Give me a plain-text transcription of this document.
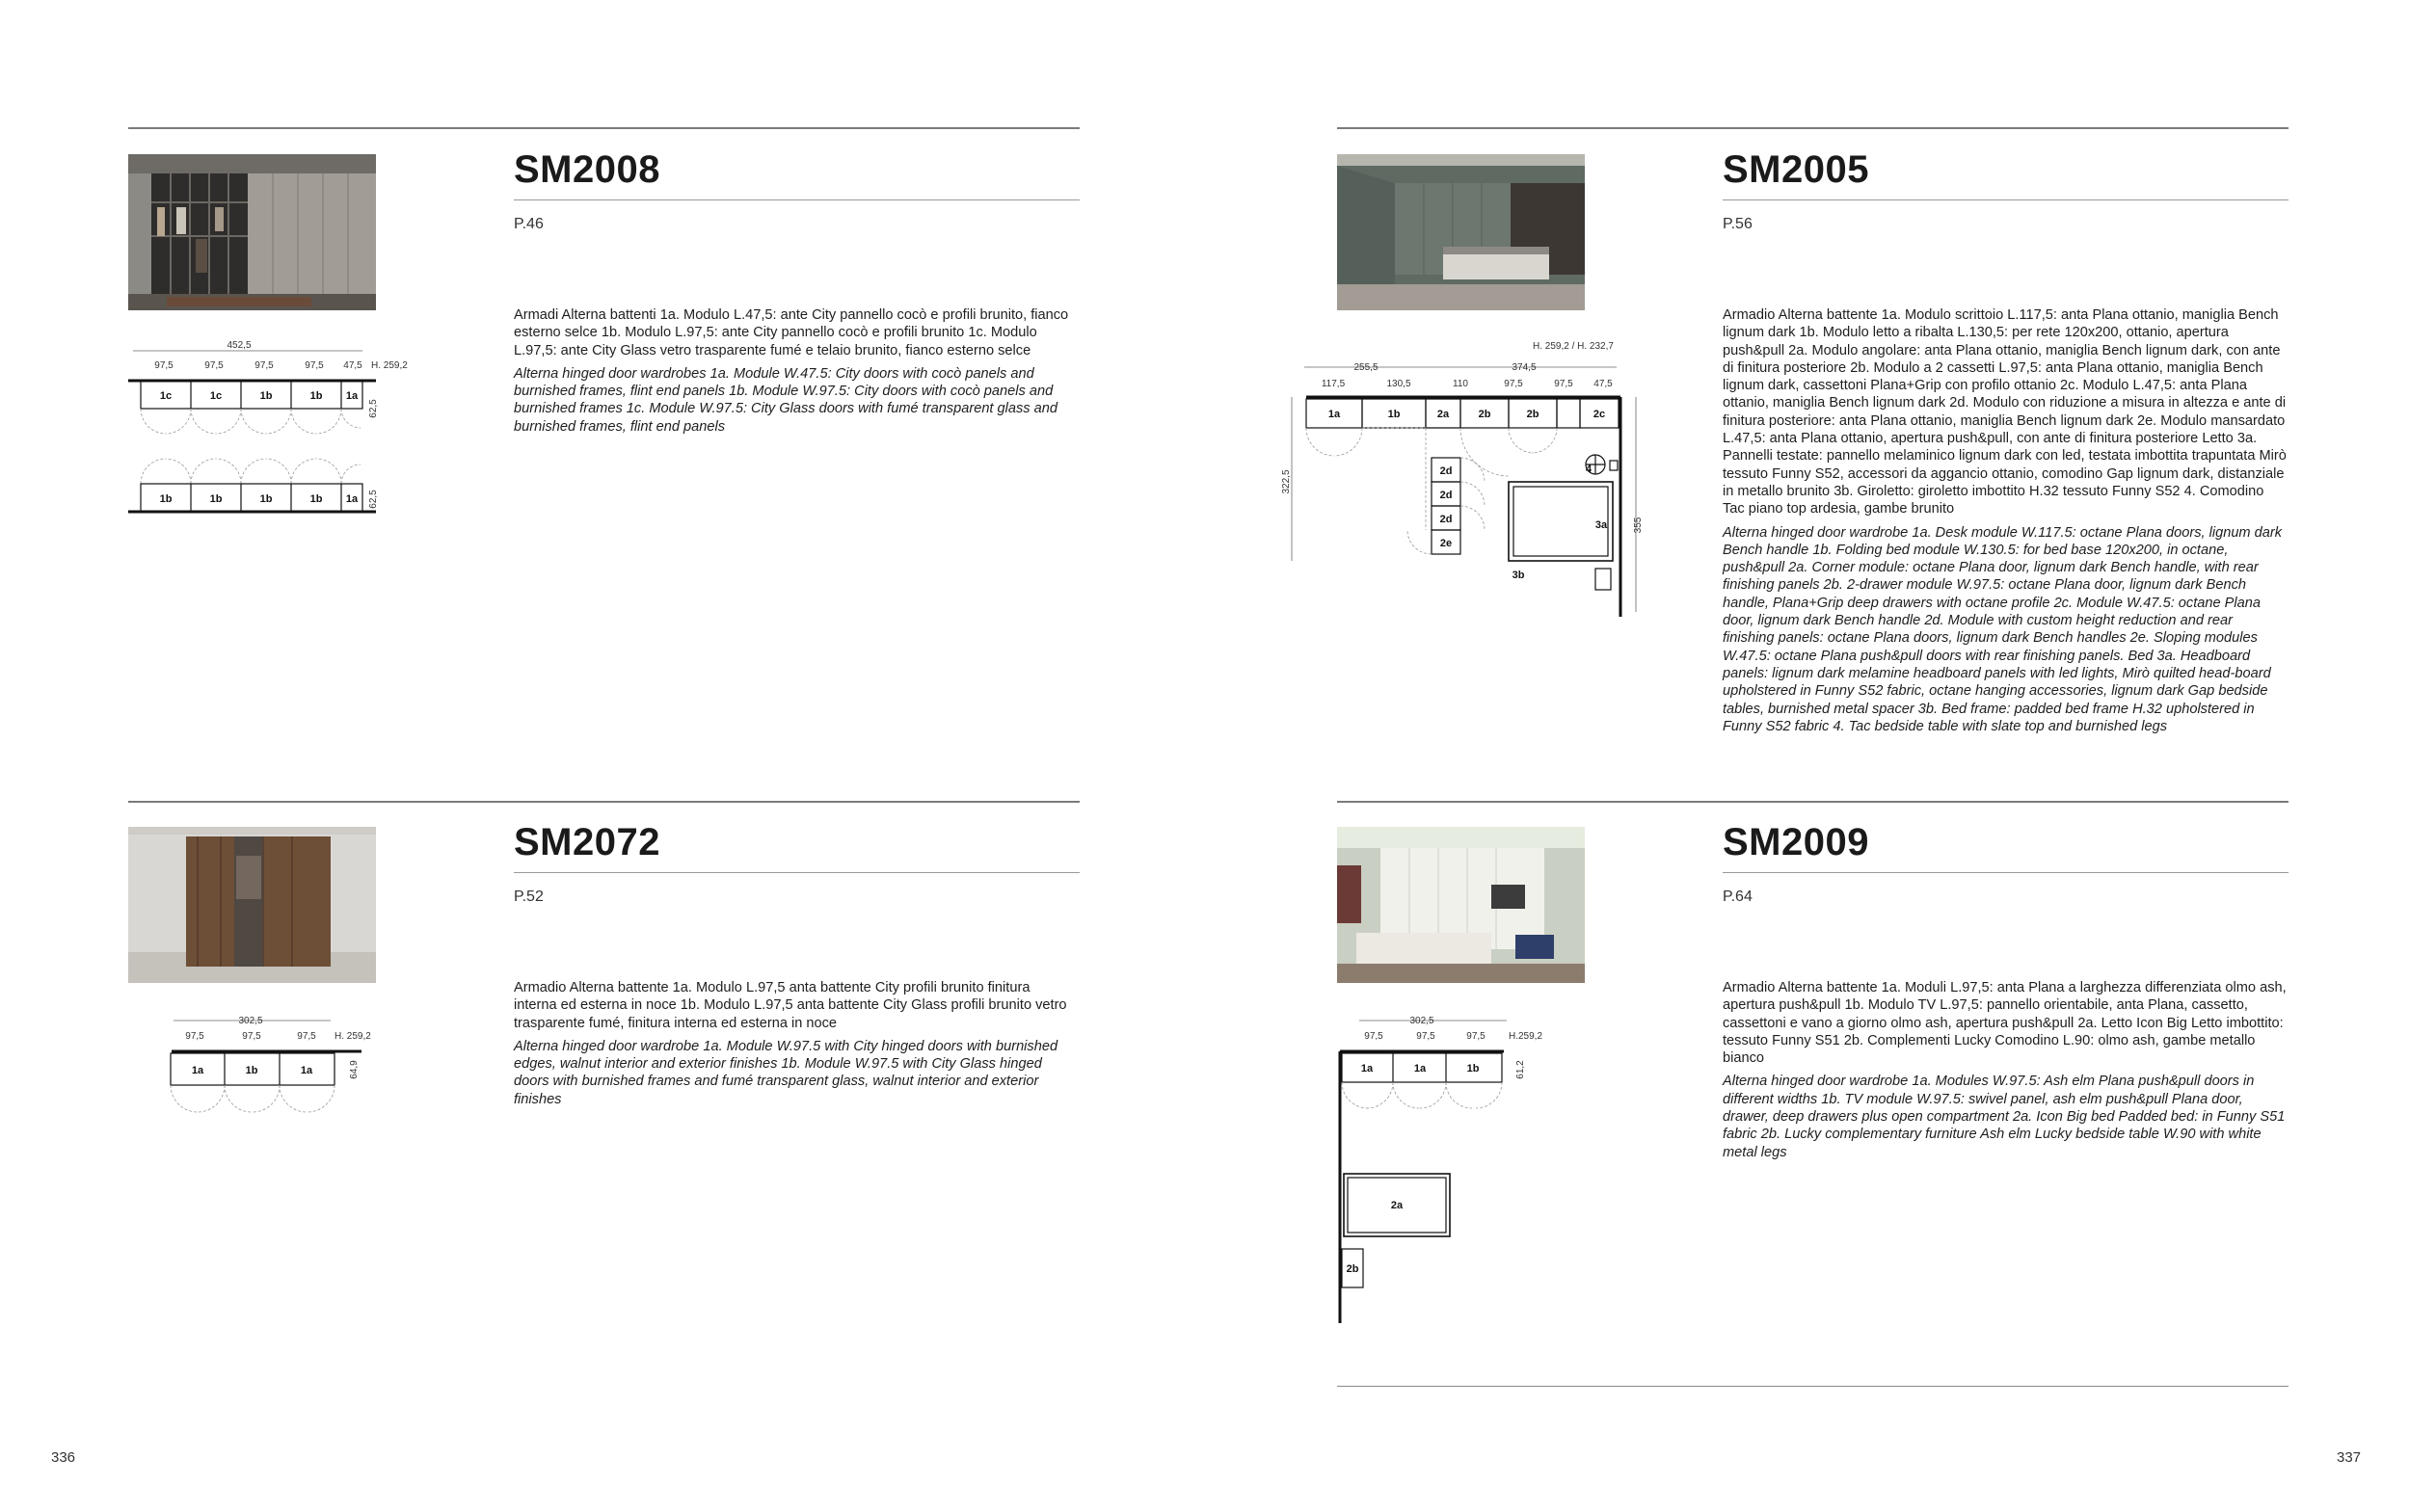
SM2008
P.46

Armadi Alterna battenti 1a. Modulo L.47,5: ante City pannello cocò e profili brunito, fianco esterno selce 1b. Modulo L.97,5: ante City pannello cocò e profili brunito 1c. Modulo L.97,5: ante City Glass vetro trasparente fumé e telaio brunito, fianco esterno selce

Alterna hinged door wardrobes 1a. Module W.47.5: City doors with cocò panels and burnished frames, flint end panels 1b. Module W.97.5: City doors with cocò panels and burnished frames 1c. Module W.97.5: City Glass doors with fumé transparent glass and burnished frames, flint end panels

452,5
97,5	97,5	97,5	97,5 47,5 H. 259,2
62,5
1c	1c	1b	1b 1a
62,5
1b	1b	1b	1b 1a
SM2005
P.56

Armadio Alterna battente 1a. Modulo scrittoio L.117,5: anta Plana ottanio, maniglia Bench lignum dark 1b. Modulo letto a ribalta L.130,5: per rete 120x200, ottanio, apertura push&pull 2a. Modulo angolare: anta Plana ottanio, maniglia Bench lignum dark, con ante di finitura posteriore 2b. Modulo a 2 cassetti L.97,5: anta Plana ottanio, maniglia Bench lignum dark, cassettoni Plana+Grip con profilo ottanio 2c. Modulo L.47,5: anta Plana ottanio, maniglia Bench lignum dark 2d. Modulo con riduzione a misura in altezza e ante di finitura posteriore: anta Plana ottanio, maniglia Bench lignum dark 2e. Modulo mansardato L.47,5: anta Plana ottanio, apertura push&pull, con ante di finitura posteriore Letto 3a. Pannelli testate: pannello melaminico lignum dark con led, testata imbottita trapuntata Mirò tessuto Funny S52, accessori da aggancio ottanio, comodino Gap lignum dark, distanziale in metallo brunito 3b. Giroletto: giroletto imbottito H.32 tessuto Funny S52 4. Comodino Tac piano top ardesia, gambe brunito

Alterna hinged door wardrobe 1a. Desk module W.117.5: octane Plana doors, lignum dark Bench handle 1b. Folding bed module W.130.5: for bed base 120x200, in octane, push&pull 2a. Corner module: octane Plana door, lignum dark Bench handle, with rear finishing panels 2b. 2-drawer module W.97.5: octane Plana door, lignum dark Bench handle, Plana+Grip deep drawers with octane profile 2c. Module W.47.5: octane Plana door, lignum dark Bench handle 2d. Module with custom height reduction and rear finishing panels: octane Plana doors, lignum dark Bench handles 2e. Sloping modules W.47.5: octane Plana push&pull doors with rear finishing panels. Bed 3a. Headboard panels: lignum dark melamine headboard panels with led lights, Mirò quilted head-board upholstered in Funny S52 fabric, octane hanging accessories, lignum dark Gap bedside tables, burnished metal spacer 3b. Bed frame: padded bed frame H.32 upholstered in Funny S52 fabric 4. Tac bedside table with slate top and burnished legs

H. 259,2 / H. 232,7
255,5	374,5
117,5	130,5	110	97,5	97,5 47,5
322,5
355
1a	1b	2a	2b	2b	2c
2d
2d
2d
2e
3a
3b
4
SM2072
P.52

Armadio Alterna battente 1a. Modulo L.97,5 anta battente City profili brunito finitura interna ed esterna in noce 1b. Modulo L.97,5 anta battente City Glass profili brunito vetro trasparente fumé, finitura interna ed esterna in noce

Alterna hinged door wardrobe 1a. Module W.97.5 with City hinged doors with burnished edges, walnut interior and exterior finishes 1b. Module W.97.5 with City Glass hinged doors with burnished frames and fumé transparent glass, walnut interior and exterior finishes

302,5
97,5	97,5	97,5 H. 259,2
64,9
1a	1b	1a
SM2009
P.64

Armadio Alterna battente 1a. Moduli L.97,5: anta Plana a larghezza differenziata olmo ash, apertura push&pull 1b. Modulo TV L.97,5: pannello orientabile, anta Plana, cassetto, cassettoni e vano a giorno olmo ash, apertura push&pull 2a. Letto Icon Big Letto imbottito: tessuto Funny S51 2b. Complementi Lucky Comodino L.90: olmo ash, gambe metallo bianco

Alterna hinged door wardrobe 1a. Modules W.97.5: Ash elm Plana push&pull doors in different widths 1b. TV module W.97.5: swivel panel, ash elm push&pull Plana door, drawer, deep drawers plus open compartment 2a. Icon Big bed Padded bed: in Funny S51 fabric 2b. Lucky complementary furniture Ash elm Lucky bedside table W.90 with white metal legs

302,5
97,5	97,5	97,5 H.259,2
61,2
1a	1a	1b
2a
2b
336	337
